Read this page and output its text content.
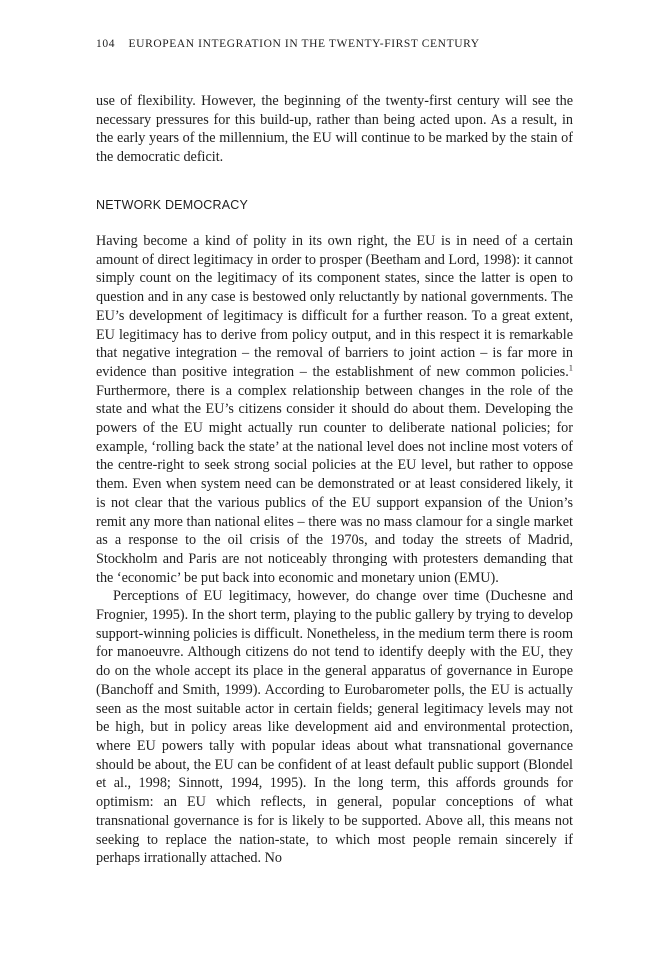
104 EUROPEAN INTEGRATION IN THE TWENTY-FIRST CENTURY

use of flexibility. However, the beginning of the twenty-first century will see the necessary pressures for this build-up, rather than being acted upon. As a result, in the early years of the millennium, the EU will continue to be marked by the stain of the democratic deficit.

NETWORK DEMOCRACY

Having become a kind of polity in its own right, the EU is in need of a certain amount of direct legitimacy in order to prosper (Beetham and Lord, 1998): it cannot simply count on the legitimacy of its component states, since the latter is open to question and in any case is bestowed only reluctantly by national governments. The EU’s development of legitimacy is difficult for a further reason. To a great extent, EU legitimacy has to derive from policy output, and in this respect it is remarkable that negative integration – the removal of barriers to joint action – is far more in evidence than positive integration – the establishment of new common policies.$^1$ Furthermore, there is a complex relationship between changes in the role of the state and what the EU’s citizens consider it should do about them. Developing the powers of the EU might actually run counter to deliberate national policies; for example, ‘rolling back the state’ at the national level does not incline most voters of the centre-right to seek strong social policies at the EU level, but rather to oppose them. Even when system need can be demonstrated or at least considered likely, it is not clear that the various publics of the EU support expansion of the Union’s remit any more than national elites – there was no mass clamour for a single market as a response to the oil crisis of the 1970s, and today the streets of Madrid, Stockholm and Paris are not noticeably thronging with protesters demanding that the ‘economic’ be put back into economic and monetary union (EMU).

Perceptions of EU legitimacy, however, do change over time (Duchesne and Frognier, 1995). In the short term, playing to the public gallery by trying to develop support-winning policies is difficult. Nonetheless, in the medium term there is room for manoeuvre. Although citizens do not tend to identify deeply with the EU, they do on the whole accept its place in the general apparatus of governance in Europe (Banchoff and Smith, 1999). According to Eurobarometer polls, the EU is actually seen as the most suitable actor in certain fields; general legitimacy levels may not be high, but in policy areas like development aid and environmental protection, where EU powers tally with popular ideas about what transnational governance should be about, the EU can be confident of at least default public support (Blondel et al., 1998; Sinnott, 1994, 1995). In the long term, this affords grounds for optimism: an EU which reflects, in general, popular conceptions of what transnational governance is for is likely to be supported. Above all, this means not seeking to replace the nation-state, to which most people remain sincerely if perhaps irrationally attached. No
